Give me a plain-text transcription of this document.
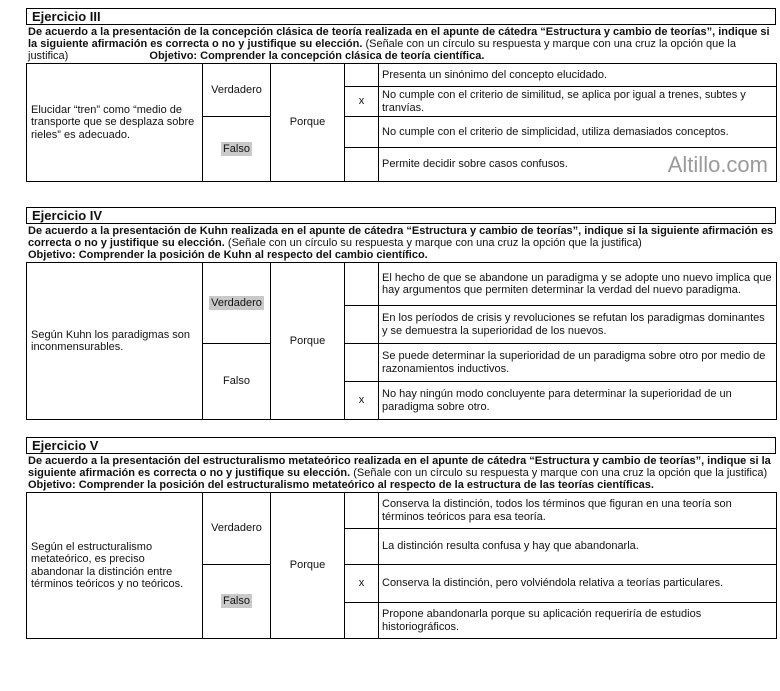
Ejercicio III
De acuerdo a la presentación de la concepción clásica de teoría realizada en el apunte de cátedra “Estructura y cambio de teorías”, indique si la siguiente afirmación es correcta o no y justifique su elección. (Señale con un círculo su respuesta y marque con una cruz la opción que la justifica)	Objetivo: Comprender la concepción clásica de teoría científica.
Elucidar “tren” como “medio de transporte que se desplaza sobre rieles” es adecuado.	Verdadero	Porque		Presenta un sinónimo del concepto elucidado.
			x	No cumple con el criterio de similitud, se aplica por igual a trenes, subtes y tranvías.
	Falso			No cumple con el criterio de simplicidad, utiliza demasiados conceptos.
				Permite decidir sobre casos confusos. Altillo.com
Ejercicio IV
De acuerdo a la presentación de Kuhn realizada en el apunte de cátedra “Estructura y cambio de teorías”, indique si la siguiente afirmación es correcta o no y justifique su elección. (Señale con un círculo su respuesta y marque con una cruz la opción que la justifica) Objetivo: Comprender la posición de Kuhn al respecto del cambio científico.
Según Kuhn los paradigmas son inconmensurables.	Verdadero	Porque		El hecho de que se abandone un paradigma y se adopte uno nuevo implica que hay argumentos que permiten determinar la verdad del nuevo paradigma.
				En los períodos de crisis y revoluciones se refutan los paradigmas dominantes y se demuestra la superioridad de los nuevos.
	Falso			Se puede determinar la superioridad de un paradigma sobre otro por medio de razonamientos inductivos.
			x	No hay ningún modo concluyente para determinar la superioridad de un paradigma sobre otro.
Ejercicio V
De acuerdo a la presentación del estructuralismo metateórico realizada en el apunte de cátedra “Estructura y cambio de teorías”, indique si la siguiente afirmación es correcta o no y justifique su elección. (Señale con un círculo su respuesta y marque con una cruz la opción que la justifica)
Objetivo: Comprender la posición del estructuralismo metateórico al respecto de la estructura de las teorías científicas.
Según el estructuralismo metateórico, es preciso abandonar la distinción entre términos teóricos y no teóricos.	Verdadero	Porque		Conserva la distinción, todos los términos que figuran en una teoría son términos teóricos para esa teoría.
				La distinción resulta confusa y hay que abandonarla.
	Falso		x	Conserva la distinción, pero volviéndola relativa a teorías particulares.
				Propone abandonarla porque su aplicación requeriría de estudios historiográficos.
